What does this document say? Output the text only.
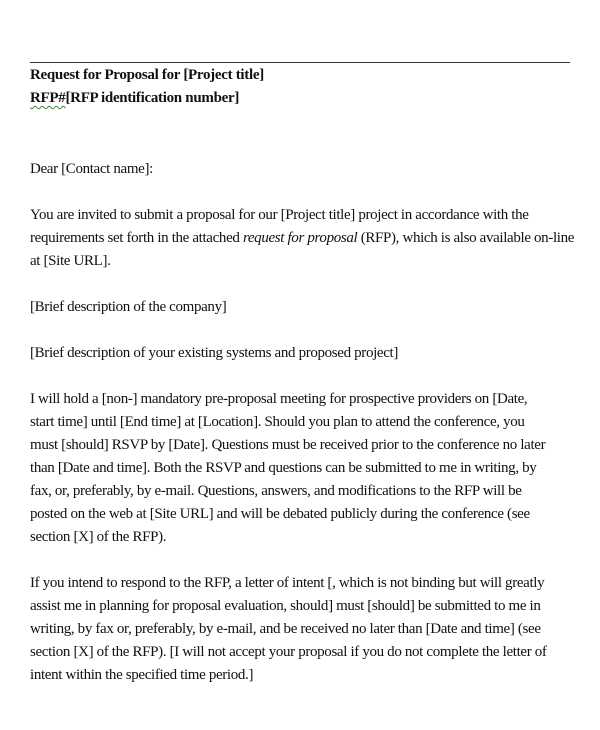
Request for Proposal for [Project title]
RFP#[RFP identification number]

Dear [Contact name]:

You are invited to submit a proposal for our [Project title] project in accordance with the
requirements set forth in the attached request for proposal (RFP), which is also available on-line
at [Site URL].

[Brief description of the company]

[Brief description of your existing systems and proposed project]

I will hold a [non-] mandatory pre-proposal meeting for prospective providers on [Date,
start time] until [End time] at [Location]. Should you plan to attend the conference, you
must [should] RSVP by [Date]. Questions must be received prior to the conference no later
than [Date and time]. Both the RSVP and questions can be submitted to me in writing, by
fax, or, preferably, by e-mail. Questions, answers, and modifications to the RFP will be
posted on the web at [Site URL] and will be debated publicly during the conference (see
section [X] of the RFP).

If you intend to respond to the RFP, a letter of intent [, which is not binding but will greatly
assist me in planning for proposal evaluation, should] must [should] be submitted to me in
writing, by fax or, preferably, by e-mail, and be received no later than [Date and time] (see
section [X] of the RFP). [I will not accept your proposal if you do not complete the letter of
intent within the specified time period.]
